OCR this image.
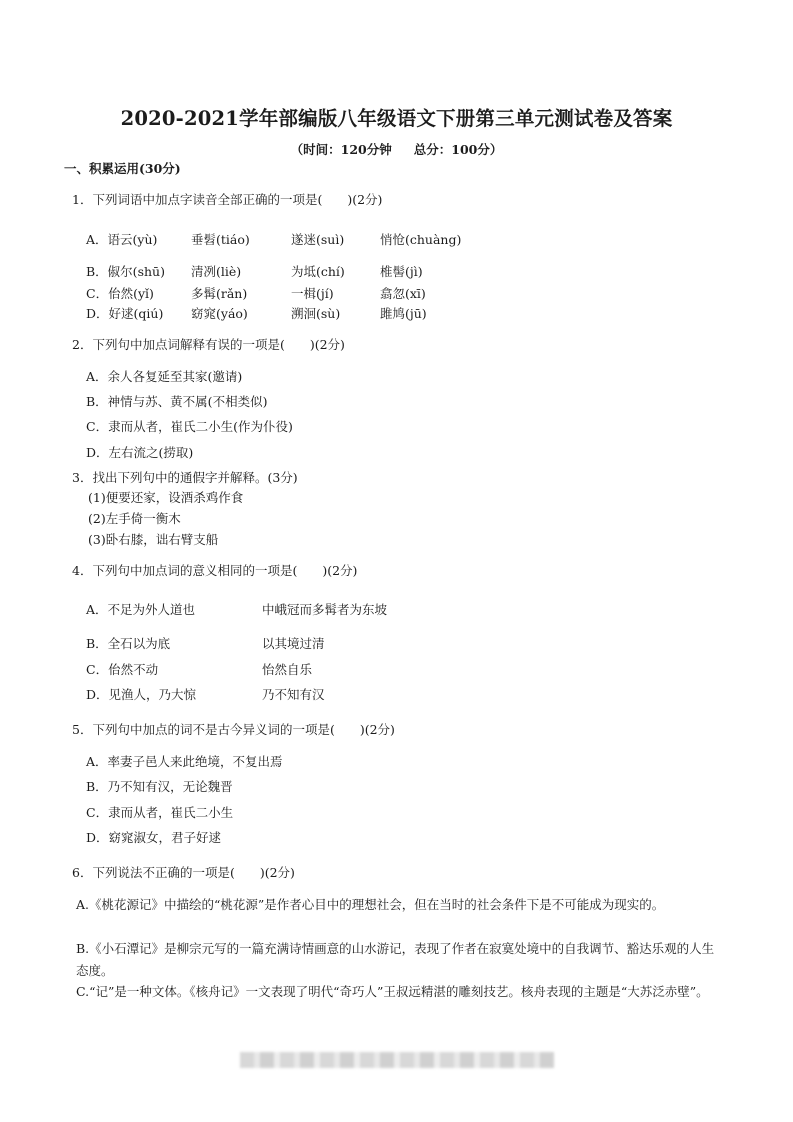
2020-2021学年部编版八年级语文下册第三单元测试卷及答案
（时间：120分钟 总分：100分）
一、积累运用(30分)
1．下列词语中加点字读音全部正确的一项是(　　)(2分)
A．语云(yù)	垂髫(tiáo)	遂迷(suì)	悄怆(chuàng)
B．俶尔(shū) 清冽(liè)	为坻(chí)	椎髻(jì)
C．佁然(yǐ)	多髯(rǎn)	一楫(jí)	翕忽(xī)
D．好逑(qiú) 窈窕(yáo)	溯洄(sù)	雎鸠(jū)
2．下列句中加点词解释有误的一项是(　　)(2分)
A．余人各复延至其家(邀请)
B．神情与苏、黄不属(不相类似)
C．隶而从者，崔氏二小生(作为仆役)
D．左右流之(捞取)
3．找出下列句中的通假字并解释。(3分)
(1)便要还家，设酒杀鸡作食
(2)左手倚一衡木
(3)卧右膝，诎右臂支船
4．下列句中加点词的意义相同的一项是(　　)(2分)
A．不足为外人道也	中峨冠而多髯者为东坡
B．全石以为底	以其境过清
C．佁然不动	怡然自乐
D．见渔人，乃大惊	乃不知有汉
5．下列句中加点的词不是古今异义词的一项是(　　)(2分)
A．率妻子邑人来此绝境，不复出焉
B．乃不知有汉，无论魏晋
C．隶而从者，崔氏二小生
D．窈窕淑女，君子好逑
6．下列说法不正确的一项是(　　)(2分)
A.《桃花源记》中描绘的“桃花源”是作者心目中的理想社会，但在当时的社会条件下是不可能成为现实的。
B.《小石潭记》是柳宗元写的一篇充满诗情画意的山水游记，表现了作者在寂寞处境中的自我调节、豁达乐观的人生态度。
C.“记”是一种文体。《核舟记》一文表现了明代“奇巧人”王叔远精湛的雕刻技艺。核舟表现的主题是“大苏泛赤壁”。
